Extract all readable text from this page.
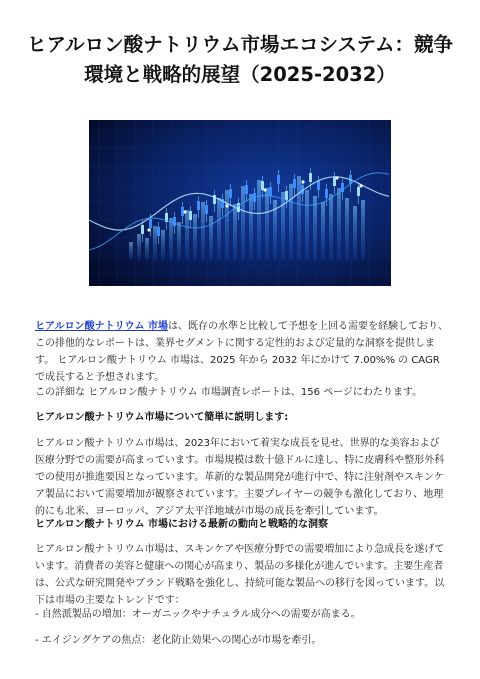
ヒアルロン酸ナトリウム市場エコシステム：競争環境と戦略的展望（2025-2032）
ヒアルロン酸ナトリウム 市場は、既存の水準と比較して予想を上回る需要を経験しており、この排他的なレポートは、業界セグメントに関する定性的および定量的な洞察を提供します。 ヒアルロン酸ナトリウム 市場は、2025 年から 2032 年にかけて 7.00%% の CAGR で成長すると予想されます。
この詳細な ヒアルロン酸ナトリウム 市場調査レポートは、156 ページにわたります。
ヒアルロン酸ナトリウム市場について簡単に説明します:
ヒアルロン酸ナトリウム市場は、2023年において着実な成長を見せ、世界的な美容および医療分野での需要が高まっています。市場規模は数十億ドルに達し、特に皮膚科や整形外科での使用が推進要因となっています。革新的な製品開発が進行中で、特に注射剤やスキンケア製品において需要増加が観察されています。主要プレイヤーの競争も激化しており、地理的にも北米、ヨーロッパ、アジア太平洋地域が市場の成長を牽引しています。
ヒアルロン酸ナトリウム 市場における最新の動向と戦略的な洞察
ヒアルロン酸ナトリウム市場は、スキンケアや医療分野での需要増加により急成長を遂げています。消費者の美容と健康への関心が高まり、製品の多様化が進んでいます。主要生産者は、公式な研究開発やブランド戦略を強化し、持続可能な製品への移行を図っています。以下は市場の主要なトレンドです：
- 自然派製品の増加：オーガニックやナチュラル成分への需要が高まる。
- エイジングケアの焦点：老化防止効果への関心が市場を牽引。
